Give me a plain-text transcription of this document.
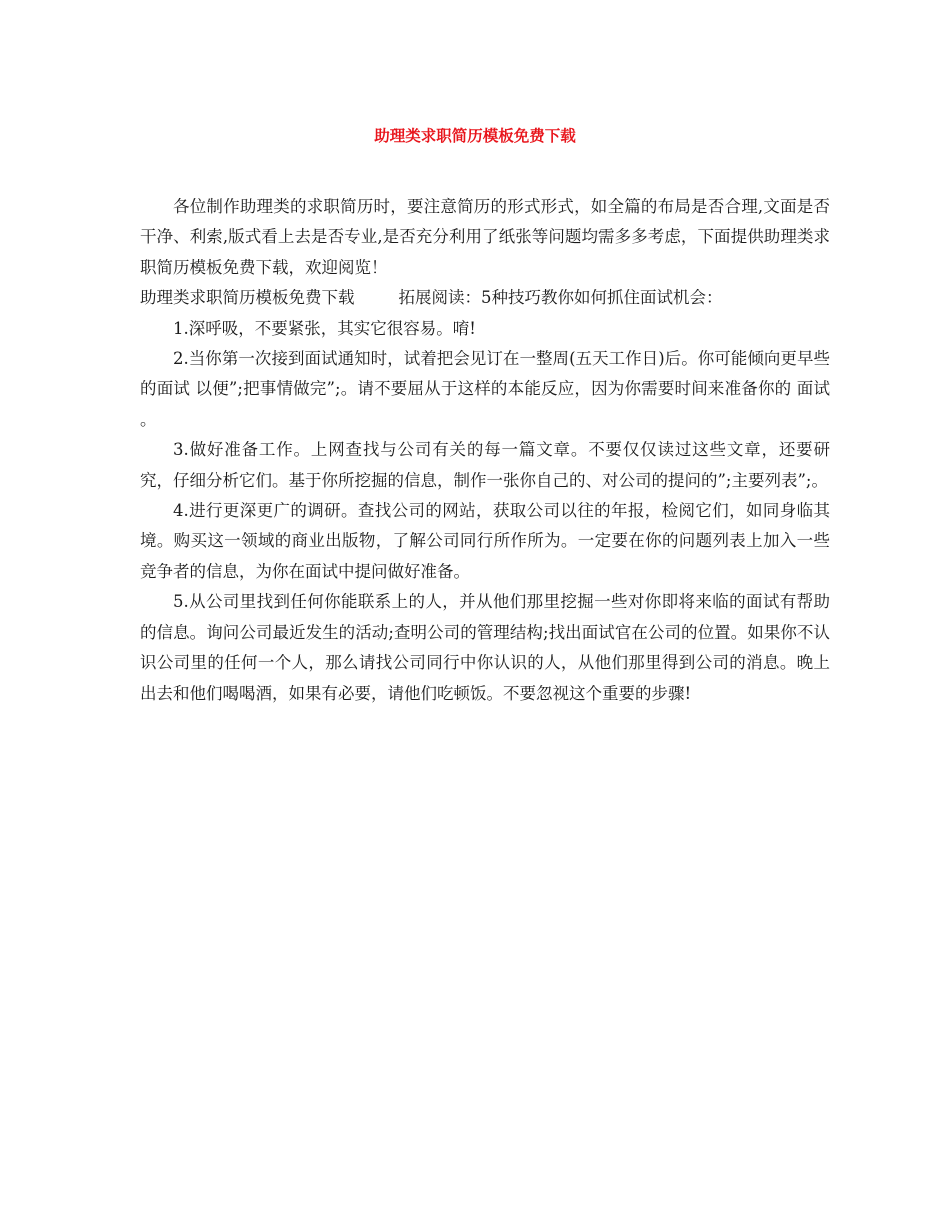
助理类求职简历模板免费下载

各位制作助理类的求职简历时，要注意简历的形式形式，如全篇的布局是否合理,文面是否干净、利索,版式看上去是否专业,是否充分利用了纸张等问题均需多多考虑，下面提供助理类求职简历模板免费下载，欢迎阅览！

助理类求职简历模板免费下载	拓展阅读：5种技巧教你如何抓住面试机会：

1.深呼吸，不要紧张，其实它很容易。唷!

2.当你第一次接到面试通知时，试着把会见订在一整周(五天工作日)后。你可能倾向更早些的面试 以便”;把事情做完”;。请不要屈从于这样的本能反应，因为你需要时间来准备你的 面试 。

3.做好准备工作。上网查找与公司有关的每一篇文章。不要仅仅读过这些文章，还要研究，仔细分析它们。基于你所挖掘的信息，制作一张你自己的、对公司的提问的”;主要列表”;。

4.进行更深更广的调研。查找公司的网站，获取公司以往的年报，检阅它们，如同身临其境。购买这一领域的商业出版物，了解公司同行所作所为。一定要在你的问题列表上加入一些竞争者的信息，为你在面试中提问做好准备。

5.从公司里找到任何你能联系上的人，并从他们那里挖掘一些对你即将来临的面试有帮助的信息。询问公司最近发生的活动;查明公司的管理结构;找出面试官在公司的位置。如果你不认识公司里的任何一个人，那么请找公司同行中你认识的人，从他们那里得到公司的消息。晚上出去和他们喝喝酒，如果有必要，请他们吃顿饭。不要忽视这个重要的步骤!
